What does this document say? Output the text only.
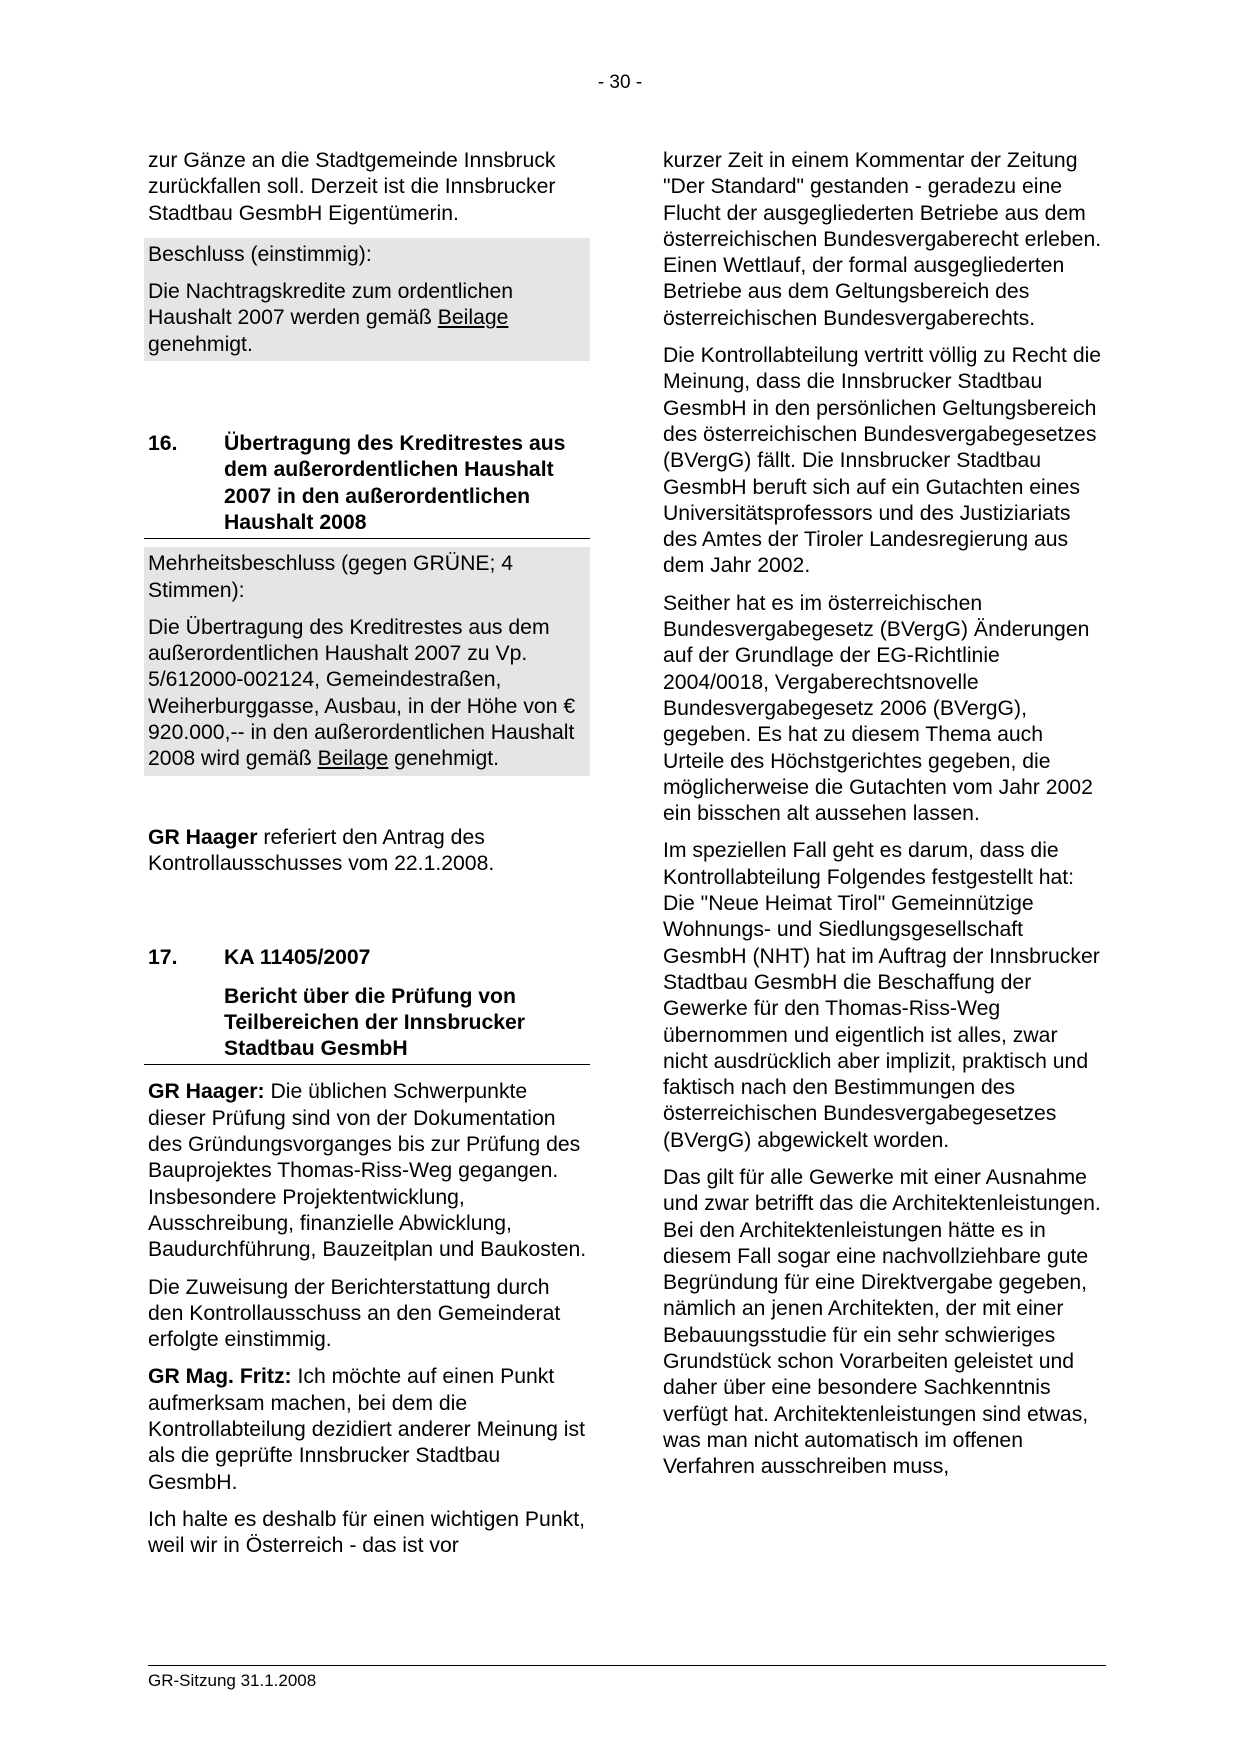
- 30 -

zur Gänze an die Stadtgemeinde Innsbruck zurückfallen soll. Derzeit ist die Innsbrucker Stadtbau GesmbH Eigentümerin.

Beschluss (einstimmig):

Die Nachtragskredite zum ordentlichen Haushalt 2007 werden gemäß Beilage genehmigt.

16.	Übertragung des Kreditrestes aus dem außerordentlichen Haushalt 2007 in den außerordentlichen Haushalt 2008

Mehrheitsbeschluss (gegen GRÜNE; 4 Stimmen):

Die Übertragung des Kreditrestes aus dem außerordentlichen Haushalt 2007 zu Vp. 5/612000-002124, Gemeindestraßen, Weiherburggasse, Ausbau, in der Höhe von € 920.000,-- in den außerordentlichen Haushalt 2008 wird gemäß Beilage genehmigt.

GR Haager referiert den Antrag des Kontrollausschusses vom 22.1.2008.

17.	KA 11405/2007
Bericht über die Prüfung von Teilbereichen der Innsbrucker Stadtbau GesmbH

GR Haager: Die üblichen Schwerpunkte dieser Prüfung sind von der Dokumentation des Gründungsvorganges bis zur Prüfung des Bauprojektes Thomas-Riss-Weg gegangen. Insbesondere Projektentwicklung, Ausschreibung, finanzielle Abwicklung, Baudurchführung, Bauzeitplan und Baukosten.

Die Zuweisung der Berichterstattung durch den Kontrollausschuss an den Gemeinderat erfolgte einstimmig.

GR Mag. Fritz: Ich möchte auf einen Punkt aufmerksam machen, bei dem die Kontrollabteilung dezidiert anderer Meinung ist als die geprüfte Innsbrucker Stadtbau GesmbH.

Ich halte es deshalb für einen wichtigen Punkt, weil wir in Österreich - das ist vor

kurzer Zeit in einem Kommentar der Zeitung "Der Standard" gestanden - geradezu eine Flucht der ausgegliederten Betriebe aus dem österreichischen Bundesvergaberecht erleben. Einen Wettlauf, der formal ausgegliederten Betriebe aus dem Geltungsbereich des österreichischen Bundesvergaberechts.

Die Kontrollabteilung vertritt völlig zu Recht die Meinung, dass die Innsbrucker Stadtbau GesmbH in den persönlichen Geltungsbereich des österreichischen Bundesvergabegesetzes (BVergG) fällt. Die Innsbrucker Stadtbau GesmbH beruft sich auf ein Gutachten eines Universitätsprofessors und des Justiziariats des Amtes der Tiroler Landesregierung aus dem Jahr 2002.

Seither hat es im österreichischen Bundesvergabegesetz (BVergG) Änderungen auf der Grundlage der EG-Richtlinie 2004/0018, Vergaberechtsnovelle Bundesvergabegesetz 2006 (BVergG), gegeben. Es hat zu diesem Thema auch Urteile des Höchstgerichtes gegeben, die möglicherweise die Gutachten vom Jahr 2002 ein bisschen alt aussehen lassen.

Im speziellen Fall geht es darum, dass die Kontrollabteilung Folgendes festgestellt hat: Die "Neue Heimat Tirol" Gemeinnützige Wohnungs- und Siedlungsgesellschaft GesmbH (NHT) hat im Auftrag der Innsbrucker Stadtbau GesmbH die Beschaffung der Gewerke für den Thomas-Riss-Weg übernommen und eigentlich ist alles, zwar nicht ausdrücklich aber implizit, praktisch und faktisch nach den Bestimmungen des österreichischen Bundesvergabegesetzes (BVergG) abgewickelt worden.

Das gilt für alle Gewerke mit einer Ausnahme und zwar betrifft das die Architektenleistungen. Bei den Architektenleistungen hätte es in diesem Fall sogar eine nachvollziehbare gute Begründung für eine Direktvergabe gegeben, nämlich an jenen Architekten, der mit einer Bebauungsstudie für ein sehr schwieriges Grundstück schon Vorarbeiten geleistet und daher über eine besondere Sachkenntnis verfügt hat. Architektenleistungen sind etwas, was man nicht automatisch im offenen Verfahren ausschreiben muss,

GR-Sitzung 31.1.2008
